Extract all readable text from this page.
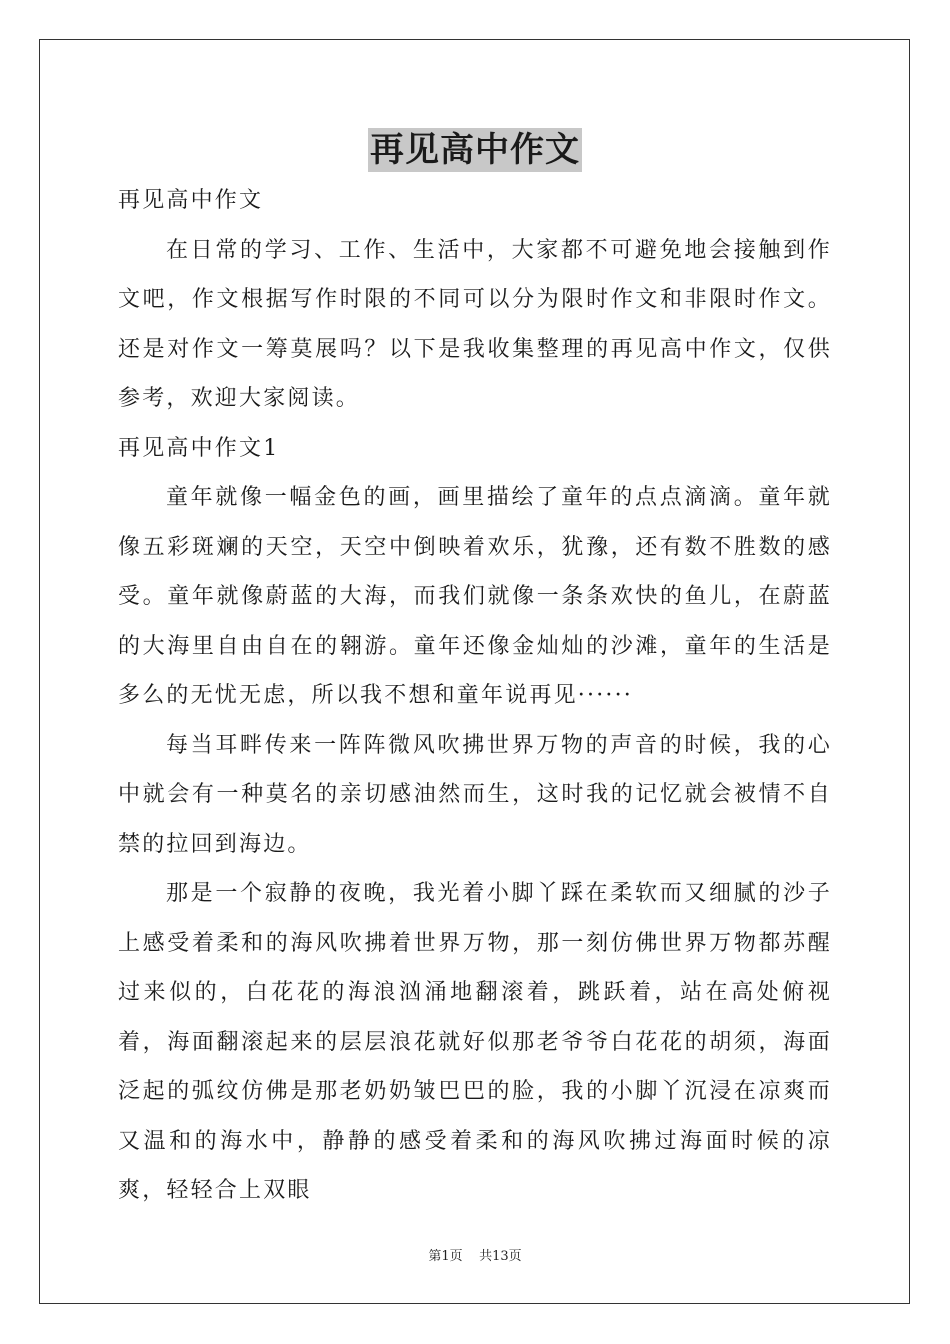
再见高中作文

再见高中作文

在日常的学习、工作、生活中，大家都不可避免地会接触到作文吧，作文根据写作时限的不同可以分为限时作文和非限时作文。还是对作文一筹莫展吗？以下是我收集整理的再见高中作文，仅供参考，欢迎大家阅读。

再见高中作文1

童年就像一幅金色的画，画里描绘了童年的点点滴滴。童年就像五彩斑斓的天空，天空中倒映着欢乐，犹豫，还有数不胜数的感受。童年就像蔚蓝的大海，而我们就像一条条欢快的鱼儿，在蔚蓝的大海里自由自在的翱游。童年还像金灿灿的沙滩，童年的生活是多么的无忧无虑，所以我不想和童年说再见······

每当耳畔传来一阵阵微风吹拂世界万物的声音的时候，我的心中就会有一种莫名的亲切感油然而生，这时我的记忆就会被情不自禁的拉回到海边。

那是一个寂静的夜晚，我光着小脚丫踩在柔软而又细腻的沙子上感受着柔和的海风吹拂着世界万物，那一刻仿佛世界万物都苏醒过来似的，白花花的海浪汹涌地翻滚着，跳跃着，站在高处俯视着，海面翻滚起来的层层浪花就好似那老爷爷白花花的胡须，海面泛起的弧纹仿佛是那老奶奶皱巴巴的脸，我的小脚丫沉浸在凉爽而又温和的海水中，静静的感受着柔和的海风吹拂过海面时候的凉爽，轻轻合上双眼

第1页 共13页
